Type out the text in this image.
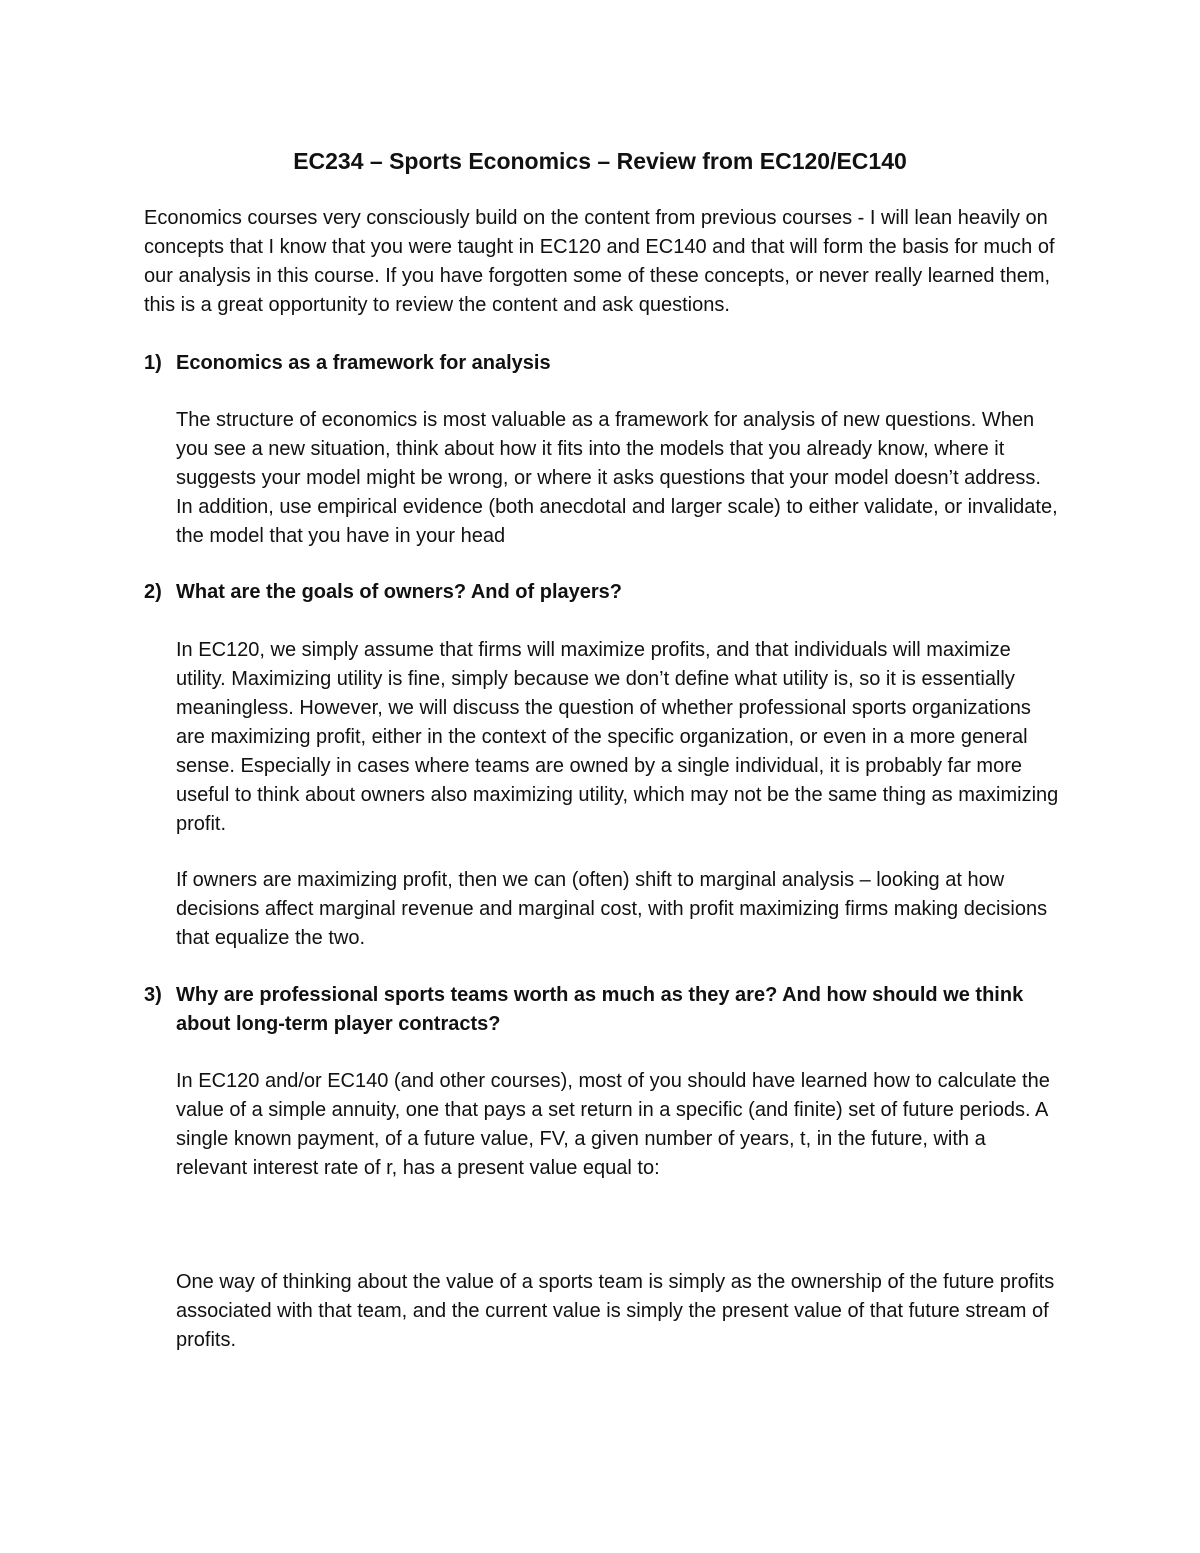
EC234 – Sports Economics – Review from EC120/EC140

Economics courses very consciously build on the content from previous courses - I will lean heavily on concepts that I know that you were taught in EC120 and EC140 and that will form the basis for much of our analysis in this course. If you have forgotten some of these concepts, or never really learned them, this is a great opportunity to review the content and ask questions.

1) Economics as a framework for analysis

The structure of economics is most valuable as a framework for analysis of new questions. When you see a new situation, think about how it fits into the models that you already know, where it suggests your model might be wrong, or where it asks questions that your model doesn’t address. In addition, use empirical evidence (both anecdotal and larger scale) to either validate, or invalidate, the model that you have in your head

2) What are the goals of owners? And of players?

In EC120, we simply assume that firms will maximize profits, and that individuals will maximize utility. Maximizing utility is fine, simply because we don’t define what utility is, so it is essentially meaningless. However, we will discuss the question of whether professional sports organizations are maximizing profit, either in the context of the specific organization, or even in a more general sense. Especially in cases where teams are owned by a single individual, it is probably far more useful to think about owners also maximizing utility, which may not be the same thing as maximizing profit.

If owners are maximizing profit, then we can (often) shift to marginal analysis – looking at how decisions affect marginal revenue and marginal cost, with profit maximizing firms making decisions that equalize the two.

3) Why are professional sports teams worth as much as they are? And how should we think about long-term player contracts?

In EC120 and/or EC140 (and other courses), most of you should have learned how to calculate the value of a simple annuity, one that pays a set return in a specific (and finite) set of future periods. A single known payment, of a future value, FV, a given number of years, t, in the future, with a relevant interest rate of r, has a present value equal to:

One way of thinking about the value of a sports team is simply as the ownership of the future profits associated with that team, and the current value is simply the present value of that future stream of profits.
